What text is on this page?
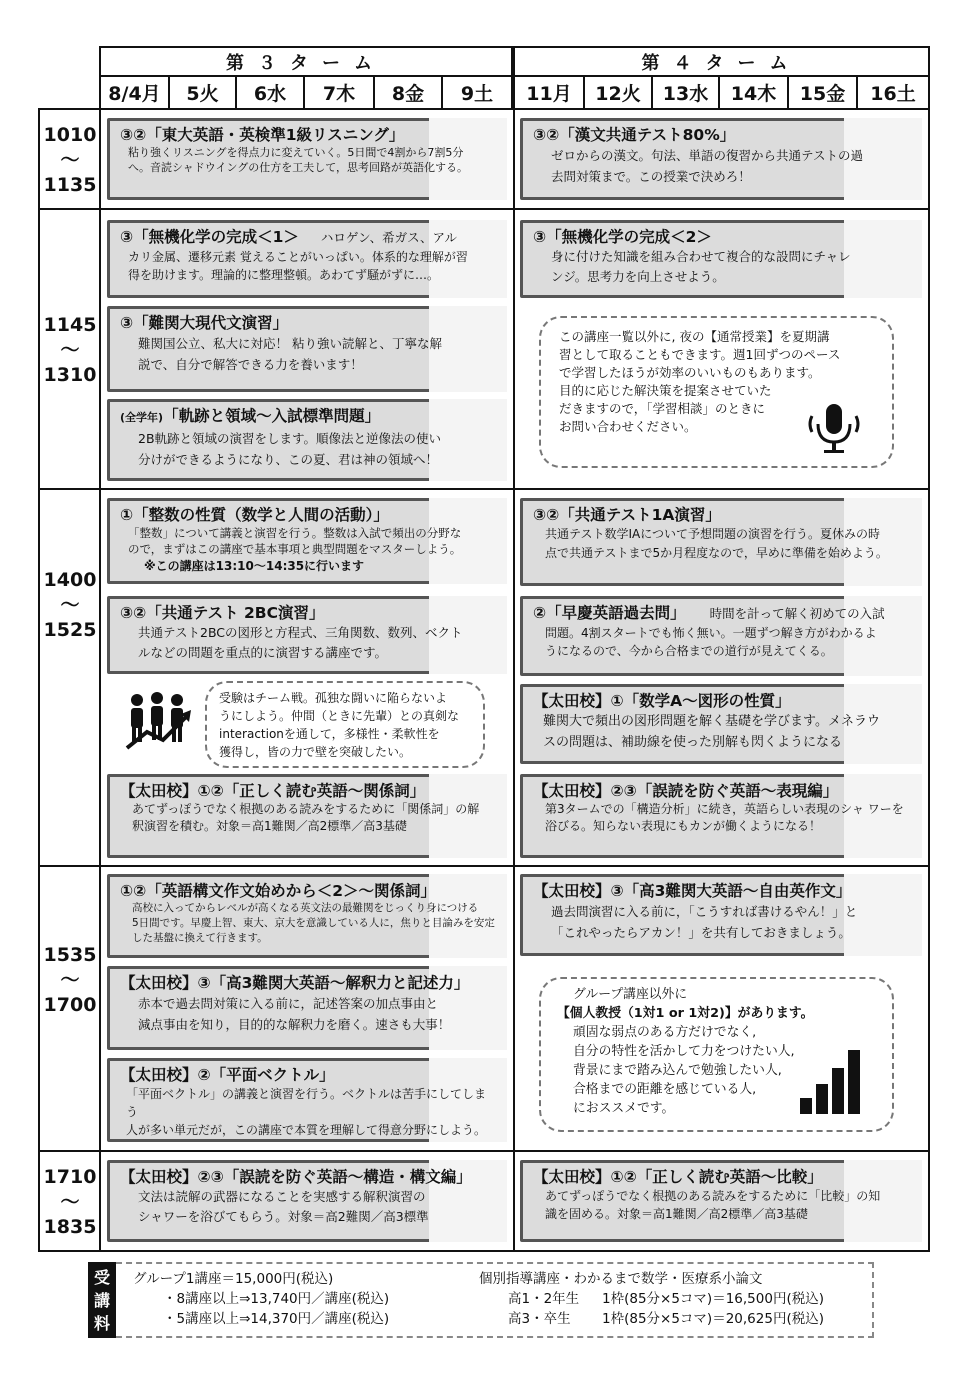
第３ターム	第４ターム
8/4月 5火 6水 7木 8金 9土 11月 12火 13水 14木 15金 16土
1010
～
1135
1145
～
1310
1400
～
1525
1535
～
1700
1710
～
1835
③②「東大英語・英検準1級リスニング」
粘り強くリスニングを得点力に変えていく。5日間で4割から7割5分
へ。音読シャドウイングの仕方を工夫して，思考回路が英語化する。
③「無機化学の完成＜1＞ ハロゲン、希ガス、アル
カリ金属、遷移元素 覚えることがいっぱい。体系的な理解が習
得を助けます。理論的に整理整頓。あわてず騒がずに…。
③「難関大現代文演習」
難関国公立、私大に対応！ 粘り強い読解と、丁寧な解
説で、自分で解答できる力を養います！
(全学年)「軌跡と領域～入試標準問題」
2B軌跡と領域の演習をします。順像法と逆像法の使い
分けができるようになり、この夏、君は神の領域へ！
①「整数の性質（数学と人間の活動）」
「整数」について講義と演習を行う。整数は入試で頻出の分野な
ので，まずはこの講座で基本事項と典型問題をマスターしよう。
※この講座は13:10～14:35に行います
③②「共通テスト 2BC演習」
共通テスト2BCの図形と方程式、三角関数、数列、ベクト
ルなどの問題を重点的に演習する講座です。
受験はチーム戦。孤独な闘いに陥らないよ
うにしよう。仲間（ときに先輩）との真剣な
interactionを通して，多様性・柔軟性を
獲得し，皆の力で壁を突破したい。
【太田校】①②「正しく読む英語～関係詞」
あてずっぽうでなく根拠のある読みをするために「関係詞」の解
釈演習を積む。対象＝高1難関／高2標準／高3基礎
①②「英語構文作文始めから＜2＞～関係詞」
高校に入ってからレベルが高くなる英文法の最難関をじっくり身につける
5日間です。早慶上智、東大、京大を意識している人に，焦りと目論みを安定
した基盤に換えて行きます。
【太田校】③「高3難関大英語～解釈力と記述力」
赤本で過去問対策に入る前に，記述答案の加点事由と
減点事由を知り，目的的な解釈力を磨く。速さも大事！
【太田校】②「平面ベクトル」
「平面ベクトル」の講義と演習を行う。ベクトルは苦手にしてしまう
人が多い単元だが，この講座で本質を理解して得意分野にしよう。
【太田校】②③「誤読を防ぐ英語～構造・構文編」
文法は読解の武器になることを実感する解釈演習の
シャワーを浴びてもらう。対象＝高2難関／高3標準
③②「漢文共通テスト80%」
ゼロからの漢文。句法、単語の復習から共通テストの過
去問対策まで。この授業で決めろ！
③「無機化学の完成＜2＞
身に付けた知識を組み合わせて複合的な設問にチャレ
ンジ。思考力を向上させよう。
この講座一覧以外に, 夜の【通常授業】を夏期講
習として取ることもできます。週1回ずつのペース
で学習したほうが効率のいいものもあります。
目的に応じた解決策を提案させていた
だきますので，「学習相談」のときに
お問い合わせください。
③②「共通テスト1A演習」
共通テスト数学ⅠAについて予想問題の演習を行う。夏休みの時
点で共通テストまで5か月程度なので，早めに準備を始めよう。
②「早慶英語過去問」 時間を計って解く初めての入試
問題。4割スタートでも怖く無い。一題ずつ解き方がわかるよ
うになるので、今から合格までの道行が見えてくる。
【太田校】①「数学A～図形の性質」
難関大で頻出の図形問題を解く基礎を学びます。メネラウ
スの問題は、補助線を使った別解も閃くようになる
【太田校】②③「誤読を防ぐ英語～表現編」
第3タームでの「構造分析」に続き，英語らしい表現のシャ ワーを
浴びる。知らない表現にもカンが働くようになる！
【太田校】③「高3難関大英語～自由英作文」
過去問演習に入る前に，「こうすれば書けるやん！」と
「これやったらアカン！」を共有しておきましょう。
グループ講座以外に
【個人教授（1対1 or 1対2)】があります。
頑固な弱点のある方だけでなく,
自分の特性を活かして力をつけたい人,
背景にまで踏み込んで勉強したい人,
合格までの距離を感じている人,
におススメです。
【太田校】①②「正しく読む英語～比較」
あてずっぽうでなく根拠のある読みをするために「比較」の知
識を固める。対象＝高1難関／高2標準／高3基礎
受
講
料
グループ1講座＝15,000円(税込)
・8講座以上⇒13,740円／講座(税込)
・5講座以上⇒14,370円／講座(税込)
個別指導講座・わかるまで数学・医療系小論文
高1・2年生 1枠(85分×5コマ)＝16,500円(税込)
高3・卒生 1枠(85分×5コマ)＝20,625円(税込)
